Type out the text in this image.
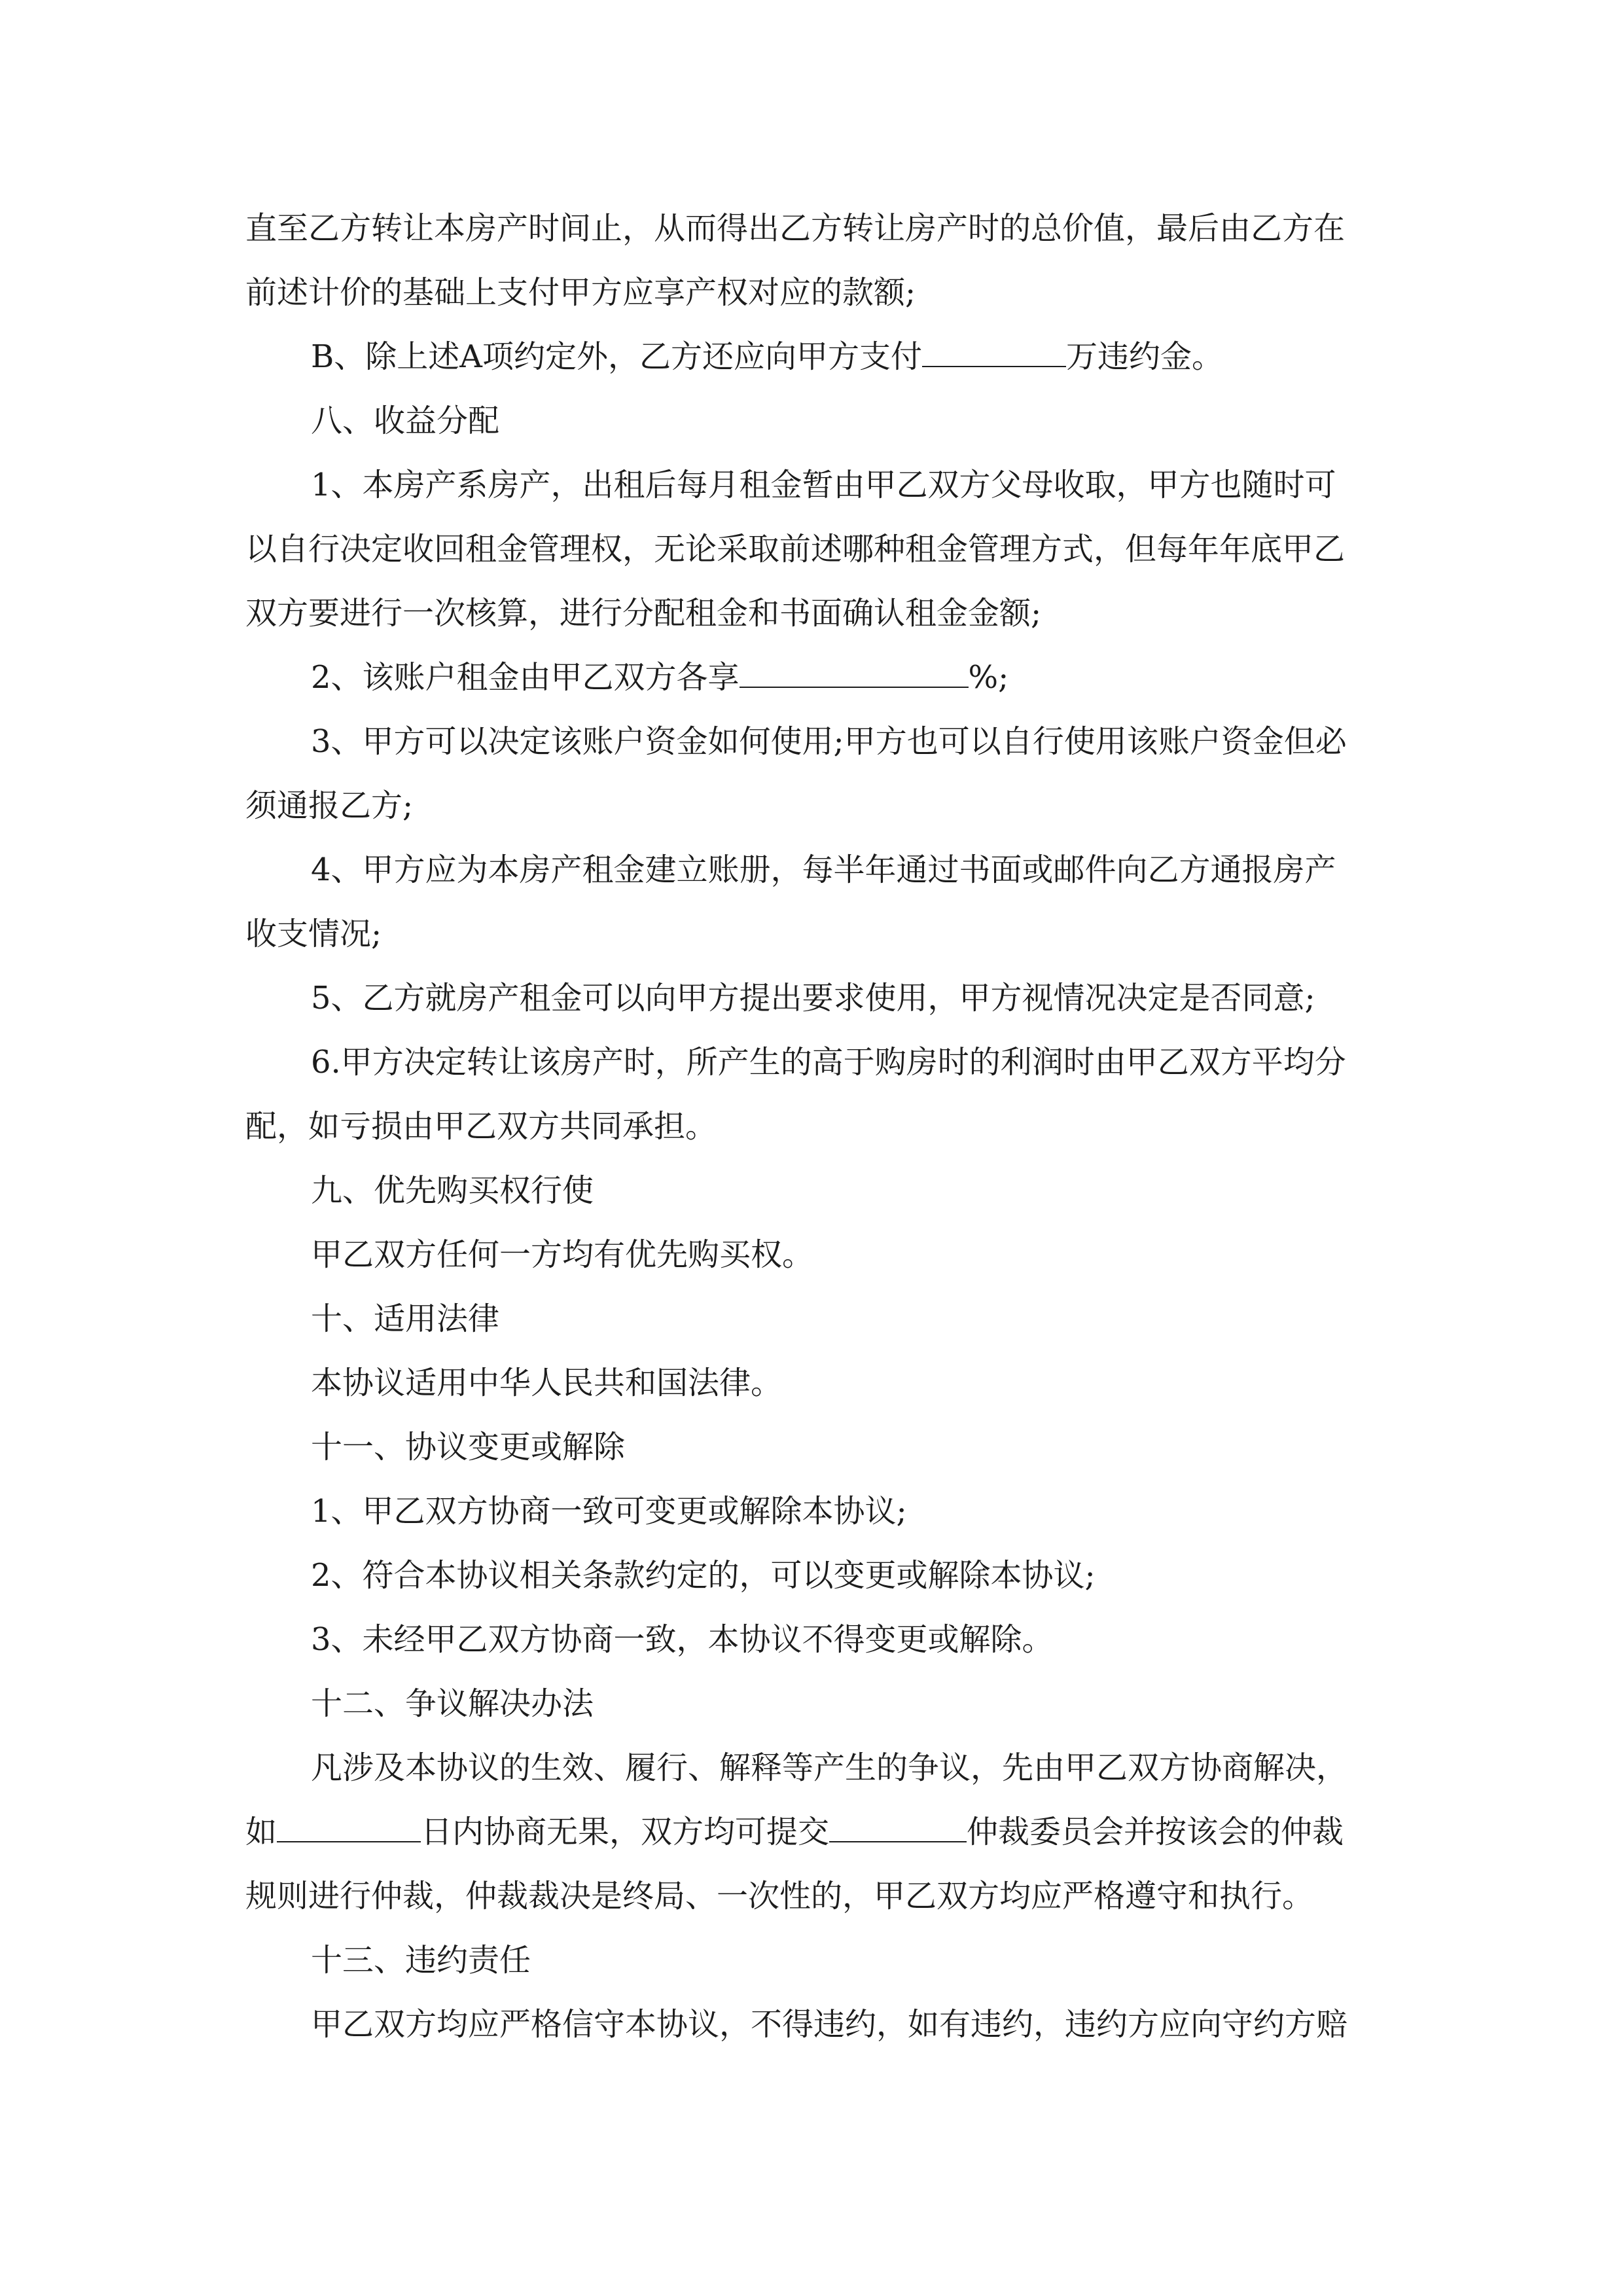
直至乙方转让本房产时间止，从而得出乙方转让房产时的总价值，最后由乙方在

前述计价的基础上支付甲方应享产权对应的款额;

B、除上述A项约定外，乙方还应向甲方支付	万违约金。

八、收益分配

1、本房产系房产，出租后每月租金暂由甲乙双方父母收取，甲方也随时可

以自行决定收回租金管理权，无论采取前述哪种租金管理方式，但每年年底甲乙

双方要进行一次核算，进行分配租金和书面确认租金金额;

2、该账户租金由甲乙双方各享	%;

3、甲方可以决定该账户资金如何使用;甲方也可以自行使用该账户资金但必

须通报乙方;

4、甲方应为本房产租金建立账册，每半年通过书面或邮件向乙方通报房产

收支情况;

5、乙方就房产租金可以向甲方提出要求使用，甲方视情况决定是否同意;

6.甲方决定转让该房产时，所产生的高于购房时的利润时由甲乙双方平均分

配，如亏损由甲乙双方共同承担。

九、优先购买权行使

甲乙双方任何一方均有优先购买权。

十、适用法律

本协议适用中华人民共和国法律。

十一、协议变更或解除

1、甲乙双方协商一致可变更或解除本协议;

2、符合本协议相关条款约定的，可以变更或解除本协议;

3、未经甲乙双方协商一致，本协议不得变更或解除。

十二、争议解决办法

凡涉及本协议的生效、履行、解释等产生的争议，先由甲乙双方协商解决，

如	日内协商无果，双方均可提交	仲裁委员会并按该会的仲裁

规则进行仲裁，仲裁裁决是终局、一次性的，甲乙双方均应严格遵守和执行。

十三、违约责任

甲乙双方均应严格信守本协议，不得违约，如有违约，违约方应向守约方赔
